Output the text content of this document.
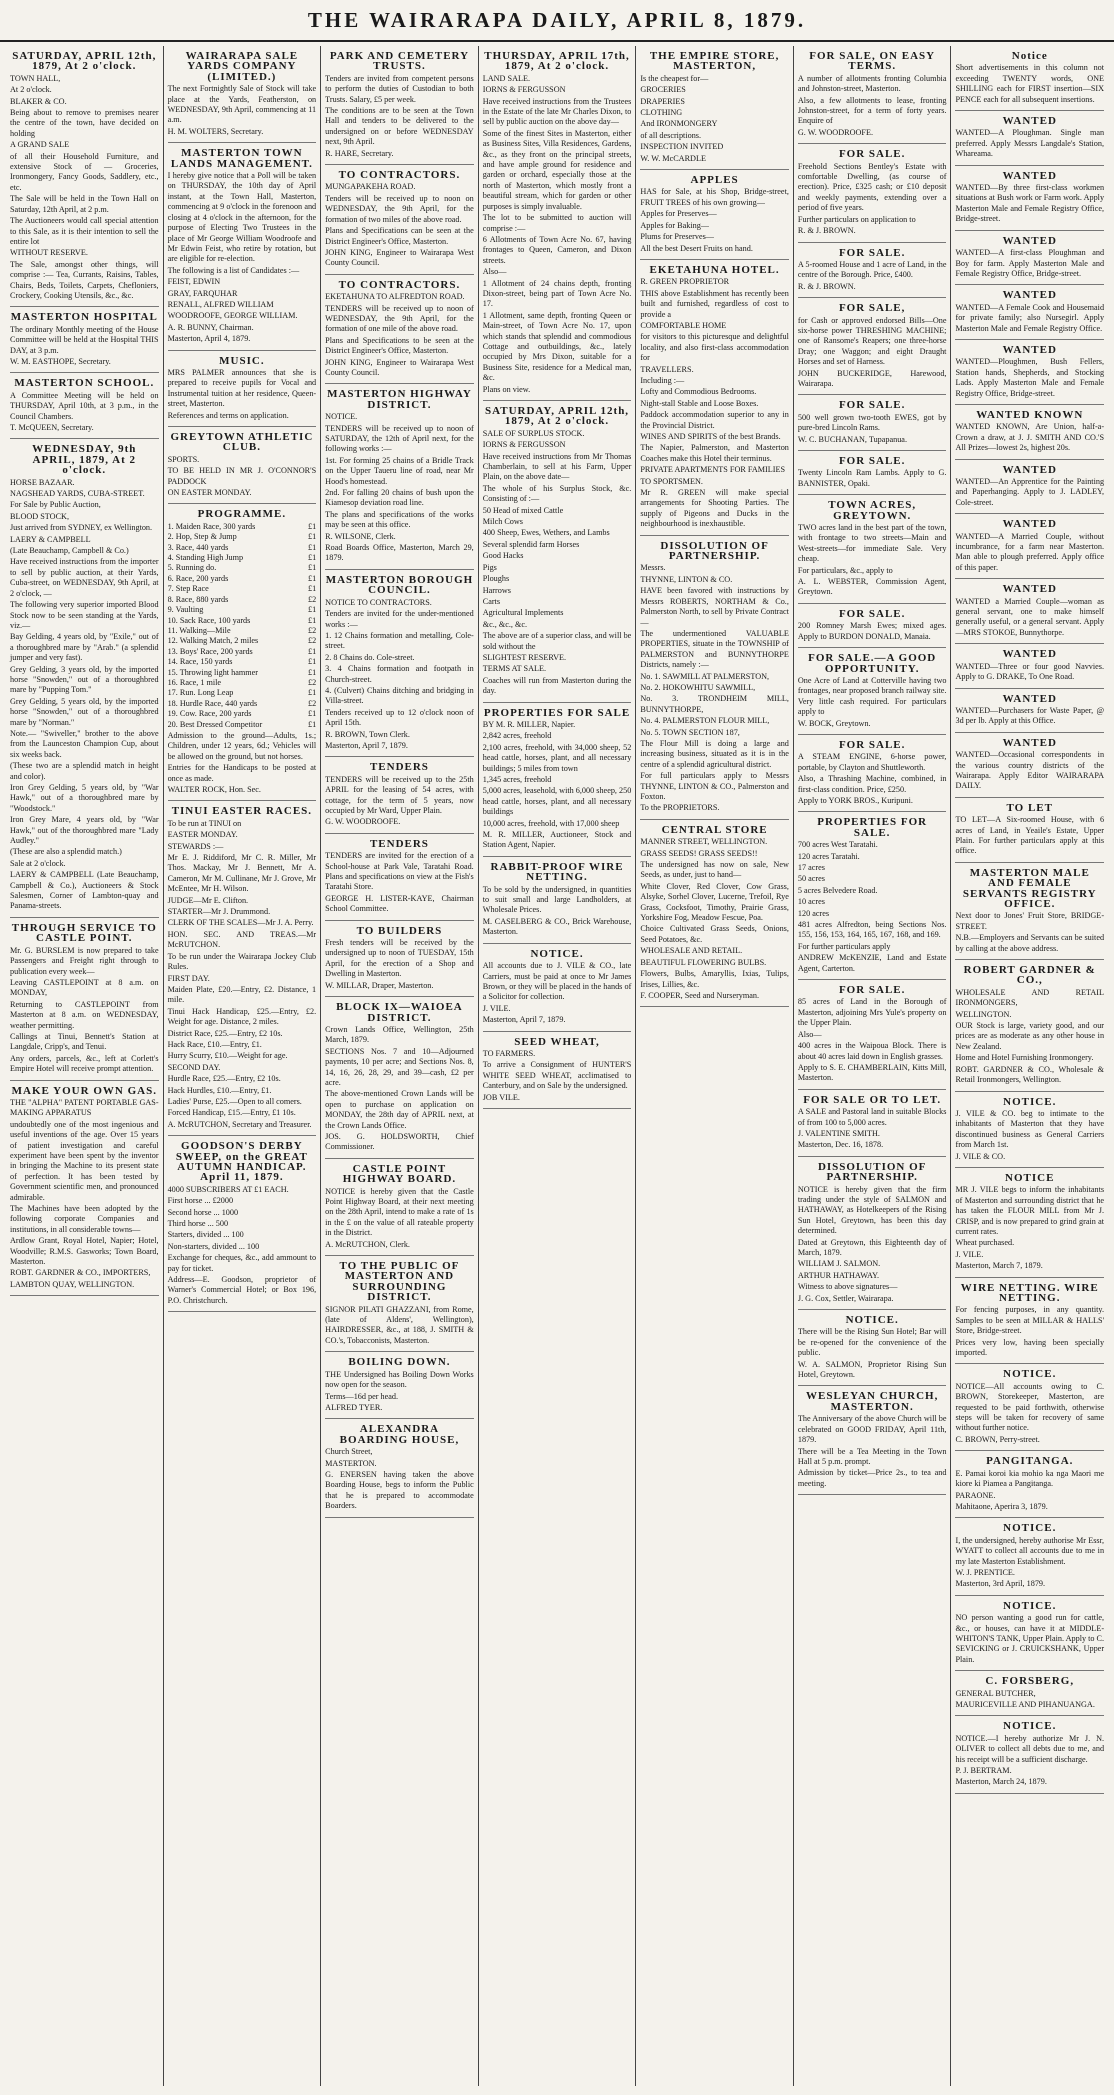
THE WAIRARAPA DAILY, APRIL 8, 1879.
SATURDAY, APRIL 12th, 1879, At 2 o'clock.

TOWN HALL,

At 2 o'clock.

BLAKER & CO.

Being about to remove to premises nearer the centre of the town, have decided on holding

A GRAND SALE

of all their Household Furniture, and extensive Stock of — Groceries, Ironmongery, Fancy Goods, Saddlery, etc., etc.

The Sale will be held in the Town Hall on Saturday, 12th April, at 2 p.m.

The Auctioneers would call special attention to this Sale, as it is their intention to sell the entire lot

WITHOUT RESERVE.

The Sale, amongst other things, will comprise :— Tea, Currants, Raisins, Tables, Chairs, Beds, Toilets, Carpets, Chefloniers, Crockery, Cooking Utensils, &c., &c.

MASTERTON HOSPITAL

The ordinary Monthly meeting of the House Committee will be held at the Hospital THIS DAY, at 3 p.m.

W. M. EASTHOPE, Secretary.

MASTERTON SCHOOL.

A Committee Meeting will be held on THURSDAY, April 10th, at 3 p.m., in the Council Chambers.

T. McQUEEN, Secretary.

WEDNESDAY, 9th APRIL, 1879, At 2 o'clock.

HORSE BAZAAR.

NAGSHEAD YARDS, CUBA-STREET.

For Sale by Public Auction,

BLOOD STOCK,

Just arrived from SYDNEY, ex Wellington.

LAERY & CAMPBELL

(Late Beauchamp, Campbell & Co.)

Have received instructions from the importer to sell by public auction, at their Yards, Cuba-street, on WEDNESDAY, 9th April, at 2 o'clock, —

The following very superior imported Blood Stock now to be seen standing at the Yards, viz.—

Bay Gelding, 4 years old, by "Exile," out of a thoroughbred mare by "Arab." (a splendid jumper and very fast).

Grey Gelding, 3 years old, by the imported horse "Snowden," out of a thoroughbred mare by "Pupping Tom."

Grey Gelding, 5 years old, by the imported horse "Snowden," out of a thoroughbred mare by "Norman."

Note.— "Swiveller," brother to the above from the Launceston Champion Cup, about six weeks back.

(These two are a splendid match in height and color).

Iron Grey Gelding, 5 years old, by "War Hawk," out of a thoroughbred mare by "Woodstock."

Iron Grey Mare, 4 years old, by "War Hawk," out of the thoroughbred mare "Lady Audley."

(These are also a splendid match.)

Sale at 2 o'clock.

LAERY & CAMPBELL (Late Beauchamp, Campbell & Co.), Auctioneers & Stock Salesmen, Corner of Lambton-quay and Panama-streets.

THROUGH SERVICE TO CASTLE POINT.

Mr. G. BURSLEM is now prepared to take Passengers and Freight right through to publication every week—

Leaving CASTLEPOINT at 8 a.m. on MONDAY,

Returning to CASTLEPOINT from Masterton at 8 a.m. on WEDNESDAY, weather permitting.

Callings at Tinui, Bennett's Station at Langdale, Cripp's, and Tenui.

Any orders, parcels, &c., left at Corlett's Empire Hotel will receive prompt attention.

MAKE YOUR OWN GAS.

THE "ALPHA" PATENT PORTABLE GAS-MAKING APPARATUS

undoubtedly one of the most ingenious and useful inventions of the age. Over 15 years of patient investigation and careful experiment have been spent by the inventor in bringing the Machine to its present state of perfection. It has been tested by Government scientific men, and pronounced admirable.

The Machines have been adopted by the following corporate Companies and institutions, in all considerable towns—

Ardlow Grant, Royal Hotel, Napier; Hotel, Woodville; R.M.S. Gasworks; Town Board, Masterton.

ROBT. GARDNER & CO., IMPORTERS,

LAMBTON QUAY, WELLINGTON.

WAIRARAPA SALE YARDS COMPANY (LIMITED.)

The next Fortnightly Sale of Stock will take place at the Yards, Featherston, on WEDNESDAY, 9th April, commencing at 11 a.m.

H. M. WOLTERS, Secretary.

MASTERTON TOWN LANDS MANAGEMENT.

I hereby give notice that a Poll will be taken on THURSDAY, the 10th day of April instant, at the Town Hall, Masterton, commencing at 9 o'clock in the forenoon and closing at 4 o'clock in the afternoon, for the purpose of Electing Two Trustees in the place of Mr George William Woodroofe and Mr Edwin Feist, who retire by rotation, but are eligible for re-election.

The following is a list of Candidates :—

FEIST, EDWIN

GRAY, FARQUHAR

RENALL, ALFRED WILLIAM

WOODROOFE, GEORGE WILLIAM.

A. R. BUNNY, Chairman.

Masterton, April 4, 1879.

MUSIC.

MRS PALMER announces that she is prepared to receive pupils for Vocal and Instrumental tuition at her residence, Queen-street, Masterton.

References and terms on application.

GREYTOWN ATHLETIC CLUB.

SPORTS.

TO BE HELD IN MR J. O'CONNOR'S PADDOCK

ON EASTER MONDAY.

PROGRAMME.
1. Maiden Race, 300 yards	£1
2. Hop, Step & Jump	£1
3. Race, 440 yards	£1
4. Standing High Jump	£1
5. Running do.	£1
6. Race, 200 yards	£1
7. Step Race	£1
8. Race, 880 yards	£2
9. Vaulting	£1
10. Sack Race, 100 yards	£1
11. Walking—Mile	£2
12. Walking Match, 2 miles	£2
13. Boys' Race, 200 yards	£1
14. Race, 150 yards	£1
15. Throwing light hammer	£1
16. Race, 1 mile	£2
17. Run. Long Leap	£1
18. Hurdle Race, 440 yards	£2
19. Cow. Race, 200 yards	£1
20. Best Dressed Competitor	£1

Admission to the ground—Adults, 1s.; Children, under 12 years, 6d.; Vehicles will be allowed on the ground, but not horses.

Entries for the Handicaps to be posted at once as made.

WALTER ROCK, Hon. Sec.

TINUI EASTER RACES.

To be run at TINUI on

EASTER MONDAY.

STEWARDS :—

Mr E. J. Riddiford, Mr C. R. Miller, Mr Thos. Mackay, Mr J. Bennett, Mr A. Cameron, Mr M. Cullinane, Mr J. Grove, Mr McEntee, Mr H. Wilson.

JUDGE—Mr E. Clifton.

STARTER—Mr J. Drummond.

CLERK OF THE SCALES—Mr J. A. Perry.

HON. SEC. AND TREAS.—Mr McRUTCHON.

To be run under the Wairarapa Jockey Club Rules.

FIRST DAY.

Maiden Plate, £20.—Entry, £2. Distance, 1 mile.

Tinui Hack Handicap, £25.—Entry, £2. Weight for age. Distance, 2 miles.

District Race, £25.—Entry, £2 10s.

Hack Race, £10.—Entry, £1.

Hurry Scurry, £10.—Weight for age.

SECOND DAY.

Hurdle Race, £25.—Entry, £2 10s.

Hack Hurdles, £10.—Entry, £1.

Ladies' Purse, £25.—Open to all comers.

Forced Handicap, £15.—Entry, £1 10s.

A. McRUTCHON, Secretary and Treasurer.

GOODSON'S DERBY SWEEP, on the GREAT AUTUMN HANDICAP. April 11, 1879.

4000 SUBSCRIBERS AT £1 EACH.

First horse ... £2000

Second horse ... 1000

Third horse ... 500

Starters, divided ... 100

Non-starters, divided ... 100

Exchange for cheques, &c., add ammount to pay for ticket.

Address—E. Goodson, proprietor of Warner's Commercial Hotel; or Box 196, P.O. Christchurch.

PARK AND CEMETERY TRUSTS.

Tenders are invited from competent persons to perform the duties of Custodian to both Trusts. Salary, £5 per week.

The conditions are to be seen at the Town Hall and tenders to be delivered to the undersigned on or before WEDNESDAY next, 9th April.

R. HARE, Secretary.

TO CONTRACTORS.

MUNGAPAKEHA ROAD.

Tenders will be received up to noon on WEDNESDAY, the 9th April, for the formation of two miles of the above road.

Plans and Specifications can be seen at the District Engineer's Office, Masterton.

JOHN KING, Engineer to Wairarapa West County Council.

TO CONTRACTORS.

EKETAHUNA TO ALFREDTON ROAD.

TENDERS will be received up to noon of WEDNESDAY, the 9th April, for the formation of one mile of the above road.

Plans and Specifications to be seen at the District Engineer's Office, Masterton.

JOHN KING, Engineer to Wairarapa West County Council.

MASTERTON HIGHWAY DISTRICT.

NOTICE.

TENDERS will be received up to noon of SATURDAY, the 12th of April next, for the following works :—

1st. For forming 25 chains of a Bridle Track on the Upper Taueru line of road, near Mr Hood's homestead.

2nd. For falling 20 chains of bush upon the Kiamesop deviation road line.

The plans and specifications of the works may be seen at this office.

R. WILSONE, Clerk.

Road Boards Office, Masterton, March 29, 1879.

MASTERTON BOROUGH COUNCIL.

NOTICE TO CONTRACTORS.

Tenders are invited for the under-mentioned works :—

1. 12 Chains formation and metalling, Cole-street.

2. 8 Chains do. Cole-street.

3. 4 Chains formation and footpath in Church-street.

4. (Culvert) Chains ditching and bridging in Villa-street.

Tenders received up to 12 o'clock noon of April 15th.

R. BROWN, Town Clerk.

Masterton, April 7, 1879.

TENDERS

TENDERS will be received up to the 25th APRIL for the leasing of 54 acres, with cottage, for the term of 5 years, now occupied by Mr Ward, Upper Plain.

G. W. WOODROOFE.

TENDERS

TENDERS are invited for the erection of a School-house at Park Vale, Taratahi Road. Plans and specifications on view at the Fish's Taratahi Store.

GEORGE H. LISTER-KAYE, Chairman School Committee.

TO BUILDERS

Fresh tenders will be received by the undersigned up to noon of TUESDAY, 15th April, for the erection of a Shop and Dwelling in Masterton.

W. MILLAR, Draper, Masterton.

BLOCK IX—WAIOEA DISTRICT.

Crown Lands Office, Wellington, 25th March, 1879.

SECTIONS Nos. 7 and 10—Adjourned payments, 10 per acre; and Sections Nos. 8, 14, 16, 26, 28, 29, and 39—cash, £2 per acre.

The above-mentioned Crown Lands will be open to purchase on application on MONDAY, the 28th day of APRIL next, at the Crown Lands Office.

JOS. G. HOLDSWORTH, Chief Commissioner.

CASTLE POINT HIGHWAY BOARD.

NOTICE is hereby given that the Castle Point Highway Board, at their next meeting on the 28th April, intend to make a rate of 1s in the £ on the value of all rateable property in the District.

A. McRUTCHON, Clerk.

TO THE PUBLIC OF MASTERTON AND SURROUNDING DISTRICT.

SIGNOR PILATI GHAZZANI, from Rome, (late of Aldens', Wellington), HAIRDRESSER, &c., at 188, J. SMITH & CO.'s, Tobacconists, Masterton.

BOILING DOWN.

THE Undersigned has Boiling Down Works now open for the season.

Terms—16d per head.

ALFRED TYER.

ALEXANDRA BOARDING HOUSE,

Church Street,

MASTERTON.

G. ENERSEN having taken the above Boarding House, begs to inform the Public that he is prepared to accommodate Boarders.

THURSDAY, APRIL 17th, 1879, At 2 o'clock.

LAND SALE.

IORNS & FERGUSSON

Have received instructions from the Trustees in the Estate of the late Mr Charles Dixon, to sell by public auction on the above day—

Some of the finest Sites in Masterton, either as Business Sites, Villa Residences, Gardens, &c., as they front on the principal streets, and have ample ground for residence and garden or orchard, especially those at the north of Masterton, which mostly front a beautiful stream, which for garden or other purposes is simply invaluable.

The lot to be submitted to auction will comprise :—

6 Allotments of Town Acre No. 67, having frontages to Queen, Cameron, and Dixon streets.

Also—

1 Allotment of 24 chains depth, fronting Dixon-street, being part of Town Acre No. 17.

1 Allotment, same depth, fronting Queen or Main-street, of Town Acre No. 17, upon which stands that splendid and commodious Cottage and outbuildings, &c., lately occupied by Mrs Dixon, suitable for a Business Site, residence for a Medical man, &c.

Plans on view.

SATURDAY, APRIL 12th, 1879, At 2 o'clock.

SALE OF SURPLUS STOCK.

IORNS & FERGUSSON

Have received instructions from Mr Thomas Chamberlain, to sell at his Farm, Upper Plain, on the above date—

The whole of his Surplus Stock, &c. Consisting of :—

50 Head of mixed Cattle

Milch Cows

400 Sheep, Ewes, Wethers, and Lambs

Several splendid farm Horses

Good Hacks

Pigs

Ploughs

Harrows

Carts

Agricultural Implements

&c., &c., &c.

The above are of a superior class, and will be sold without the

SLIGHTEST RESERVE.

TERMS AT SALE.

Coaches will run from Masterton during the day.

PROPERTIES FOR SALE

BY M. R. MILLER, Napier.

2,842 acres, freehold

2,100 acres, freehold, with 34,000 sheep, 52 head cattle, horses, plant, and all necessary buildings; 5 miles from town

1,345 acres, freehold

5,000 acres, leasehold, with 6,000 sheep, 250 head cattle, horses, plant, and all necessary buildings

10,000 acres, freehold, with 17,000 sheep

M. R. MILLER, Auctioneer, Stock and Station Agent, Napier.

RABBIT-PROOF WIRE NETTING.

To be sold by the undersigned, in quantities to suit small and large Landholders, at Wholesale Prices.

M. CASELBERG & CO., Brick Warehouse, Masterton.

NOTICE.

All accounts due to J. VILE & CO., late Carriers, must be paid at once to Mr James Brown, or they will be placed in the hands of a Solicitor for collection.

J. VILE.

Masterton, April 7, 1879.

SEED WHEAT,

TO FARMERS.

To arrive a Consignment of HUNTER'S WHITE SEED WHEAT, acclimatised to Canterbury, and on Sale by the undersigned.

JOB VILE.

THE EMPIRE STORE, MASTERTON,

Is the cheapest for—

GROCERIES

DRAPERIES

CLOTHING

And IRONMONGERY

of all descriptions.

INSPECTION INVITED

W. W. McCARDLE

APPLES

HAS for Sale, at his Shop, Bridge-street, FRUIT TREES of his own growing—

Apples for Preserves—

Apples for Baking—

Plums for Preserves—

All the best Desert Fruits on hand.

EKETAHUNA HOTEL.

R. GREEN PROPRIETOR

THIS above Establishment has recently been built and furnished, regardless of cost to provide a

COMFORTABLE HOME

for visitors to this picturesque and delightful locality, and also first-class accommodation for

TRAVELLERS.

Including :—

Lofty and Commodious Bedrooms.

Night-stall Stable and Loose Boxes.

Paddock accommodation superior to any in the Provincial District.

WINES AND SPIRITS of the best Brands.

The Napier, Palmerston, and Masterton Coaches make this Hotel their terminus.

PRIVATE APARTMENTS FOR FAMILIES

TO SPORTSMEN.

Mr R. GREEN will make special arrangements for Shooting Parties. The supply of Pigeons and Ducks in the neighbourhood is inexhaustible.

DISSOLUTION OF PARTNERSHIP.

Messrs.

THYNNE, LINTON & CO.

HAVE been favored with instructions by Messrs ROBERTS, NORTHAM & Co., Palmerston North, to sell by Private Contract—

The undermentioned VALUABLE PROPERTIES, situate in the TOWNSHIP of PALMERSTON and BUNNYTHORPE Districts, namely :—

No. 1. SAWMILL AT PALMERSTON,

No. 2. HOKOWHITU SAWMILL,

No. 3. TRONDHEIM MILL, BUNNYTHORPE,

No. 4. PALMERSTON FLOUR MILL,

No. 5. TOWN SECTION 187,

The Flour Mill is doing a large and increasing business, situated as it is in the centre of a splendid agricultural district.

For full particulars apply to Messrs THYNNE, LINTON & CO., Palmerston and Foxton.

To the PROPRIETORS.

CENTRAL STORE

MANNER STREET, WELLINGTON.

GRASS SEEDS! GRASS SEEDS!!

The undersigned has now on sale, New Seeds, as under, just to hand—

White Clover, Red Clover, Cow Grass, Alsyke, Sorhel Clover, Lucerne, Trefoil, Rye Grass, Cocksfoot, Timothy, Prairie Grass, Yorkshire Fog, Meadow Fescue, Poa.

Choice Cultivated Grass Seeds, Onions, Seed Potatoes, &c.

WHOLESALE AND RETAIL.

BEAUTIFUL FLOWERING BULBS.

Flowers, Bulbs, Amaryllis, Ixias, Tulips, Irises, Lillies, &c.

F. COOPER, Seed and Nurseryman.

FOR SALE, ON EASY TERMS.

A number of allotments fronting Columbia and Johnston-street, Masterton.

Also, a few allotments to lease, fronting Johnston-street, for a term of forty years. Enquire of

G. W. WOODROOFE.

FOR SALE.

Freehold Sections Bentley's Estate with comfortable Dwelling, (as course of erection). Price, £325 cash; or £10 deposit and weekly payments, extending over a period of five years.

Further particulars on application to

R. & J. BROWN.

FOR SALE.

A 5-roomed House and 1 acre of Land, in the centre of the Borough. Price, £400.

R. & J. BROWN.

FOR SALE,

for Cash or approved endorsed Bills—One six-horse power THRESHING MACHINE; one of Ransome's Reapers; one three-horse Dray; one Waggon; and eight Draught Horses and set of Harness.

JOHN BUCKERIDGE, Harewood, Wairarapa.

FOR SALE.

500 well grown two-tooth EWES, got by pure-bred Lincoln Rams.

W. C. BUCHANAN, Tupapanua.

FOR SALE.

Twenty Lincoln Ram Lambs. Apply to G. BANNISTER, Opaki.

TOWN ACRES, GREYTOWN.

TWO acres land in the best part of the town, with frontage to two streets—Main and West-streets—for immediate Sale. Very cheap.

For particulars, &c., apply to

A. L. WEBSTER, Commission Agent, Greytown.

FOR SALE.

200 Romney Marsh Ewes; mixed ages. Apply to BURDON DONALD, Manaia.

FOR SALE.—A GOOD OPPORTUNITY.

One Acre of Land at Cotterville having two frontages, near proposed branch railway site. Very little cash required. For particulars apply to

W. BOCK, Greytown.

FOR SALE.

A STEAM ENGINE, 6-horse power, portable, by Clayton and Shuttleworth.

Also, a Thrashing Machine, combined, in first-class condition. Price, £250.

Apply to YORK BROS., Kuripuni.

PROPERTIES FOR SALE.

700 acres West Taratahi.

120 acres Taratahi.

17 acres

50 acres

5 acres Belvedere Road.

10 acres

120 acres

481 acres Alfredton, being Sections Nos. 155, 156, 153, 164, 165, 167, 168, and 169.

For further particulars apply

ANDREW McKENZIE, Land and Estate Agent, Carterton.

FOR SALE.

85 acres of Land in the Borough of Masterton, adjoining Mrs Yule's property on the Upper Plain.

Also—

400 acres in the Waipoua Block. There is about 40 acres laid down in English grasses.

Apply to S. E. CHAMBERLAIN, Kitts Mill, Masterton.

FOR SALE OR TO LET.

A SALE and Pastoral land in suitable Blocks of from 100 to 5,000 acres.

J. VALENTINE SMITH.

Masterton, Dec. 16, 1878.

DISSOLUTION OF PARTNERSHIP.

NOTICE is hereby given that the firm trading under the style of SALMON and HATHAWAY, as Hotelkeepers of the Rising Sun Hotel, Greytown, has been this day determined.

Dated at Greytown, this Eighteenth day of March, 1879.

WILLIAM J. SALMON.

ARTHUR HATHAWAY.

Witness to above signatures—

J. G. Cox, Settler, Wairarapa.

NOTICE.

There will be the Rising Sun Hotel; Bar will be re-opened for the convenience of the public.

W. A. SALMON, Proprietor Rising Sun Hotel, Greytown.

WESLEYAN CHURCH, MASTERTON.

The Anniversary of the above Church will be celebrated on GOOD FRIDAY, April 11th, 1879.

There will be a Tea Meeting in the Town Hall at 5 p.m. prompt.

Admission by ticket—Price 2s., to tea and meeting.

Notice

Short advertisements in this column not exceeding TWENTY words, ONE SHILLING each for FIRST insertion—SIX PENCE each for all subsequent insertions.

WANTED

WANTED—A Ploughman. Single man preferred. Apply Messrs Langdale's Station, Whareama.

WANTED

WANTED—By three first-class workmen situations at Bush work or Farm work. Apply Masterton Male and Female Registry Office, Bridge-street.

WANTED

WANTED—A first-class Ploughman and Boy for farm. Apply Masterton Male and Female Registry Office, Bridge-street.

WANTED

WANTED—A Female Cook and Housemaid for private family; also Nursegirl. Apply Masterton Male and Female Registry Office.

WANTED

WANTED—Ploughmen, Bush Fellers, Station hands, Shepherds, and Stocking Lads. Apply Masterton Male and Female Registry Office, Bridge-street.

WANTED KNOWN

WANTED KNOWN, Are Union, half-a-Crown a draw, at J. J. SMITH AND CO.'S All Prizes—lowest 2s, highest 20s.

WANTED

WANTED—An Apprentice for the Painting and Paperhanging. Apply to J. LADLEY, Cole-street.

WANTED

WANTED—A Married Couple, without incumbrance, for a farm near Masterton. Man able to plough preferred. Apply office of this paper.

WANTED

WANTED a Married Couple—woman as general servant, one to make himself generally useful, or a general servant. Apply—MRS STOKOE, Bunnythorpe.

WANTED

WANTED—Three or four good Navvies. Apply to G. DRAKE, To One Road.

WANTED

WANTED—Purchasers for Waste Paper, @ 3d per lb. Apply at this Office.

WANTED

WANTED—Occasional correspondents in the various country districts of the Wairarapa. Apply Editor WAIRARAPA DAILY.

TO LET

TO LET—A Six-roomed House, with 6 acres of Land, in Yeaile's Estate, Upper Plain. For further particulars apply at this office.

MASTERTON MALE AND FEMALE SERVANTS REGISTRY OFFICE.

Next door to Jones' Fruit Store, BRIDGE-STREET.

N.B.—Employers and Servants can be suited by calling at the above address.

ROBERT GARDNER & CO.,

WHOLESALE AND RETAIL IRONMONGERS,

WELLINGTON.

OUR Stock is large, variety good, and our prices are as moderate as any other house in New Zealand.

Home and Hotel Furnishing Ironmongery.

ROBT. GARDNER & CO., Wholesale & Retail Ironmongers, Wellington.

NOTICE.

J. VILE & CO. beg to intimate to the inhabitants of Masterton that they have discontinued business as General Carriers from March 1st.

J. VILE & CO.

NOTICE

MR J. VILE begs to inform the inhabitants of Masterton and surrounding district that he has taken the FLOUR MILL from Mr J. CRISP, and is now prepared to grind grain at current rates.

Wheat purchased.

J. VILE.

Masterton, March 7, 1879.

WIRE NETTING. WIRE NETTING.

For fencing purposes, in any quantity. Samples to be seen at MILLAR & HALLS' Store, Bridge-street.

Prices very low, having been specially imported.

NOTICE.

NOTICE—All accounts owing to C. BROWN, Storekeeper, Masterton, are requested to be paid forthwith, otherwise steps will be taken for recovery of same without further notice.

C. BROWN, Perry-street.

PANGITANGA.

E. Pamai koroi kia mohio ka nga Maori me kiore ki Piamea a Pangitanga.

PARAONE.

Mahitaone, Aperira 3, 1879.

NOTICE.

I, the undersigned, hereby authorise Mr Essr, WYATT to collect all accounts due to me in my late Masterton Establishment.

W. J. PRENTICE.

Masterton, 3rd April, 1879.

NOTICE.

NO person wanting a good run for cattle, &c., or houses, can have it at MIDDLE-WHITON'S TANK, Upper Plain. Apply to C. SEVICKING or J. CRUICKSHANK, Upper Plain.

C. FORSBERG,

GENERAL BUTCHER,

MAURICEVILLE AND PIHANUANGA.

NOTICE.

NOTICE.—I hereby authorize Mr J. N. OLIVER to collect all debts due to me, and his receipt will be a sufficient discharge.

P. J. BERTRAM.

Masterton, March 24, 1879.
